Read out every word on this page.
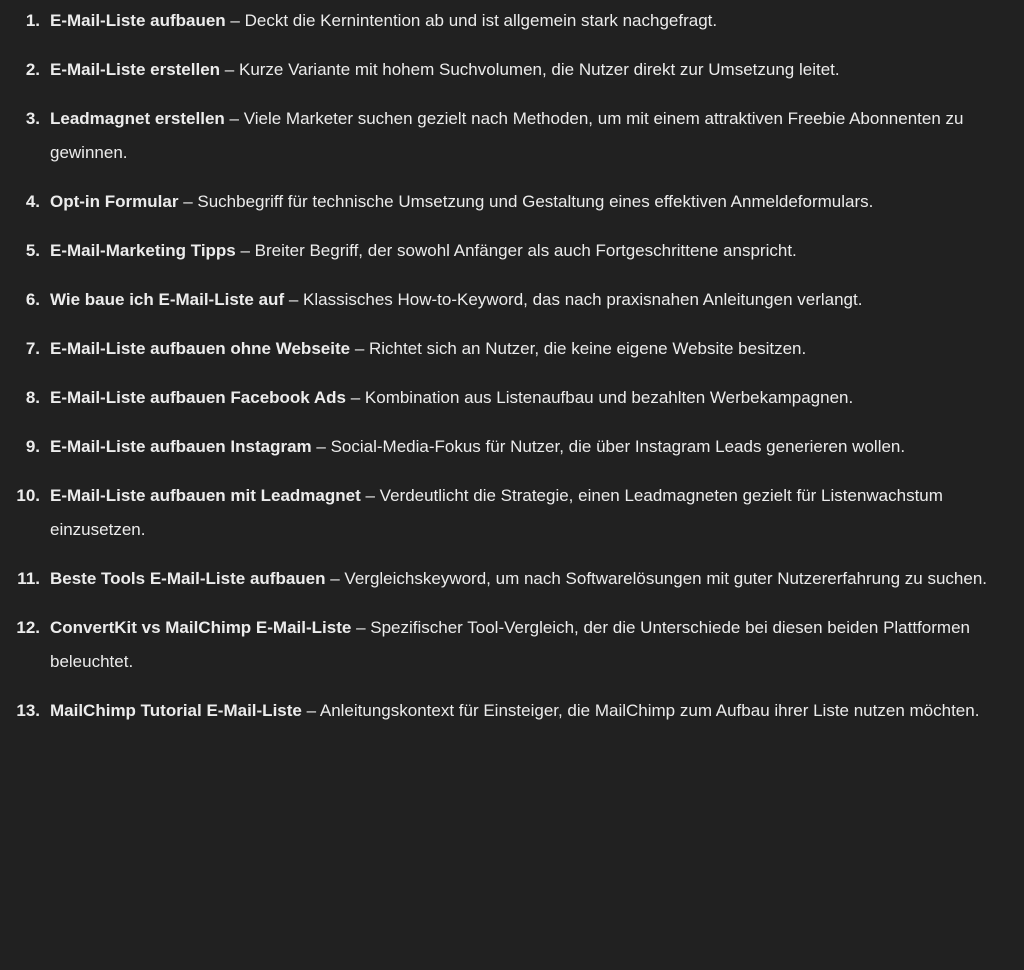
1. E-Mail-Liste aufbauen – Deckt die Kernintention ab und ist allgemein stark nachgefragt.
2. E-Mail-Liste erstellen – Kurze Variante mit hohem Suchvolumen, die Nutzer direkt zur Umsetzung leitet.
3. Leadmagnet erstellen – Viele Marketer suchen gezielt nach Methoden, um mit einem attraktiven Freebie Abonnenten zu gewinnen.
4. Opt-in Formular – Suchbegriff für technische Umsetzung und Gestaltung eines effektiven Anmeldeformulars.
5. E-Mail-Marketing Tipps – Breiter Begriff, der sowohl Anfänger als auch Fortgeschrittene anspricht.
6. Wie baue ich E-Mail-Liste auf – Klassisches How-to-Keyword, das nach praxisnahen Anleitungen verlangt.
7. E-Mail-Liste aufbauen ohne Webseite – Richtet sich an Nutzer, die keine eigene Website besitzen.
8. E-Mail-Liste aufbauen Facebook Ads – Kombination aus Listenaufbau und bezahlten Werbekampagnen.
9. E-Mail-Liste aufbauen Instagram – Social-Media-Fokus für Nutzer, die über Instagram Leads generieren wollen.
10. E-Mail-Liste aufbauen mit Leadmagnet – Verdeutlicht die Strategie, einen Leadmagneten gezielt für Listenwachstum einzusetzen.
11. Beste Tools E-Mail-Liste aufbauen – Vergleichskeyword, um nach Softwarelösungen mit guter Nutzererfahrung zu suchen.
12. ConvertKit vs MailChimp E-Mail-Liste – Spezifischer Tool-Vergleich, der die Unterschiede bei diesen beiden Plattformen beleuchtet.
13. MailChimp Tutorial E-Mail-Liste – Anleitungskontext für Einsteiger, die MailChimp zum Aufbau ihrer Liste nutzen möchten.
